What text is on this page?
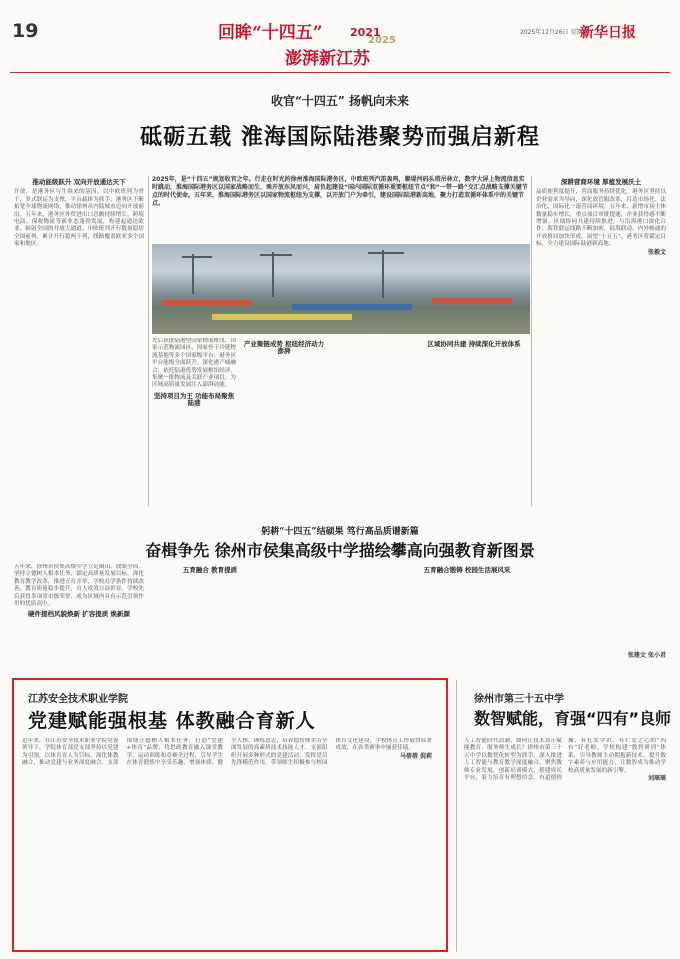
19	回眸“十四五” 2021
2025
澎湃新江苏
2025年12月26日 星期五
新华日报
收官“十四五” 扬帆向未来
砥砺五载 淮海国际陆港聚势而强启新程
推动能级跃升 双向开放通达天下
开放，是港务区与生俱来的基因。以中欧班列为骨干，多式联运为支撑，平台载体为抓手，港务区不断拓宽全球物流网络，推动徐州从内陆城市迈向开放前沿。五年来，港务区外贸进出口总额持续增长，跨境电商、保税物流等新业态蓬勃发展，构建起通达欧亚、辐射全国的开放大通道。中欧班列开行数量稳居全国前列，累计开行超两千列，线路覆盖欧亚多个国家和地区。
2025年，是“十四五”规划收官之年。行走在时光的徐州淮海国际港务区，中欧班列汽笛轰鸣，顺堤河码头塔吊林立，数字大屏上物流信息实时跳动，淮海国际港务区以国家战略而生、乘开放东风而兴，肩负起建设“国内国际双循环重要枢纽节点”和“一带一路”交汇点战略支撑关键节点的时代使命。五年来，淮海国际港务区以国家物流枢纽为支撑，以开放门户为牵引，建设国际陆港新高地，聚力打造双循环体系中的关键节点。
先后获批陆港型国家物流枢纽、国家示范物流园区、国家骨干冷链物流基地等多个国家级平台，港务区平台能级全面跃升。深化港产城融合，依托陆港优势发展枢纽经济，集聚一批物流及关联产业项目，为区域高质量发展注入澎湃动能。
坚持项目为王 功能布局聚焦陆港
产业聚链成势 枢纽经济动力澎湃
区域协同共建 持续深化开放体系
深耕营商环境 厚植发展沃土
品质便利度提升，营商服务持续优化。港务区坚持以企业需求为导向，深化放管服改革，打造市场化、法治化、国际化一流营商环境。五年来，新增市场主体数量稳步增长，重点项目审批提速，企业获得感不断增强。区域协同共建持续推进，与沿海港口深化合作，海铁联运线路不断加密，陆海联动、内外畅通的开放格局加快形成。展望“十五五”，港务区将锚定目标，全力建设国际陆港新高地。
张毅文
躬耕“十四五”结硕果 笃行高品质谱新篇
奋楫争先 徐州市侯集高级中学描绘攀高向强教育新图景
五年来，徐州市侯集高级中学立足铜山、放眼全国，坚持立德树人根本任务，锚定高质量发展目标，深化教育教学改革，推进五育并举，学校办学条件持续改善，教育质量稳步提升，育人成效日益彰显。学校先后获得多项省市级荣誉，成为区域内具有示范引领作用的优质高中。
硬件提档风貌焕新 扩容提质 焕新颜
五育融合 教育提质	五育融合锻铸 校园生活展风采
张建文 张小君
江苏安全技术职业学院
党建赋能强根基 体教融合育新人
近年来，在江苏安全技术职业学院党委领导下，学院体育部党支部坚持以党建为引领，以体育育人为目标，深化体教融合，推动党建与业务深度融合。支部围绕立德树人根本任务，打造“党建+体育”品牌，将思政教育融入课堂教学、运动训练和竞赛全过程，引导学生在体育锻炼中享受乐趣、增强体质、健全人格、锤炼意志，培养德智体美劳全面发展的高素质技术技能人才。支部组织开展多种形式的党建活动，发挥党员先锋模范作用，带领师生积极参与校园体育文化建设，学校体育工作取得显著成效，在各类赛事中屡获佳绩。
马蓓蓓 倪莉
徐州市第三十五中学
数智赋能，育强“四有”良师
人工智能时代浪潮，如何让技术真正赋能教育、服务师生成长？徐州市第三十五中学以数智化转型为抓手，深入推进人工智能与教育教学深度融合，聚焦教师专业发展，创新培训模式，搭建成长平台，着力培育有理想信念、有道德情操、有扎实学识、有仁爱之心的“四有”好老师。学校构建“数智研训”体系，引导教师主动拥抱新技术，提升数字素养与应用能力，让数智成为推动学校高质量发展的新引擎。
刘瑶瑶
